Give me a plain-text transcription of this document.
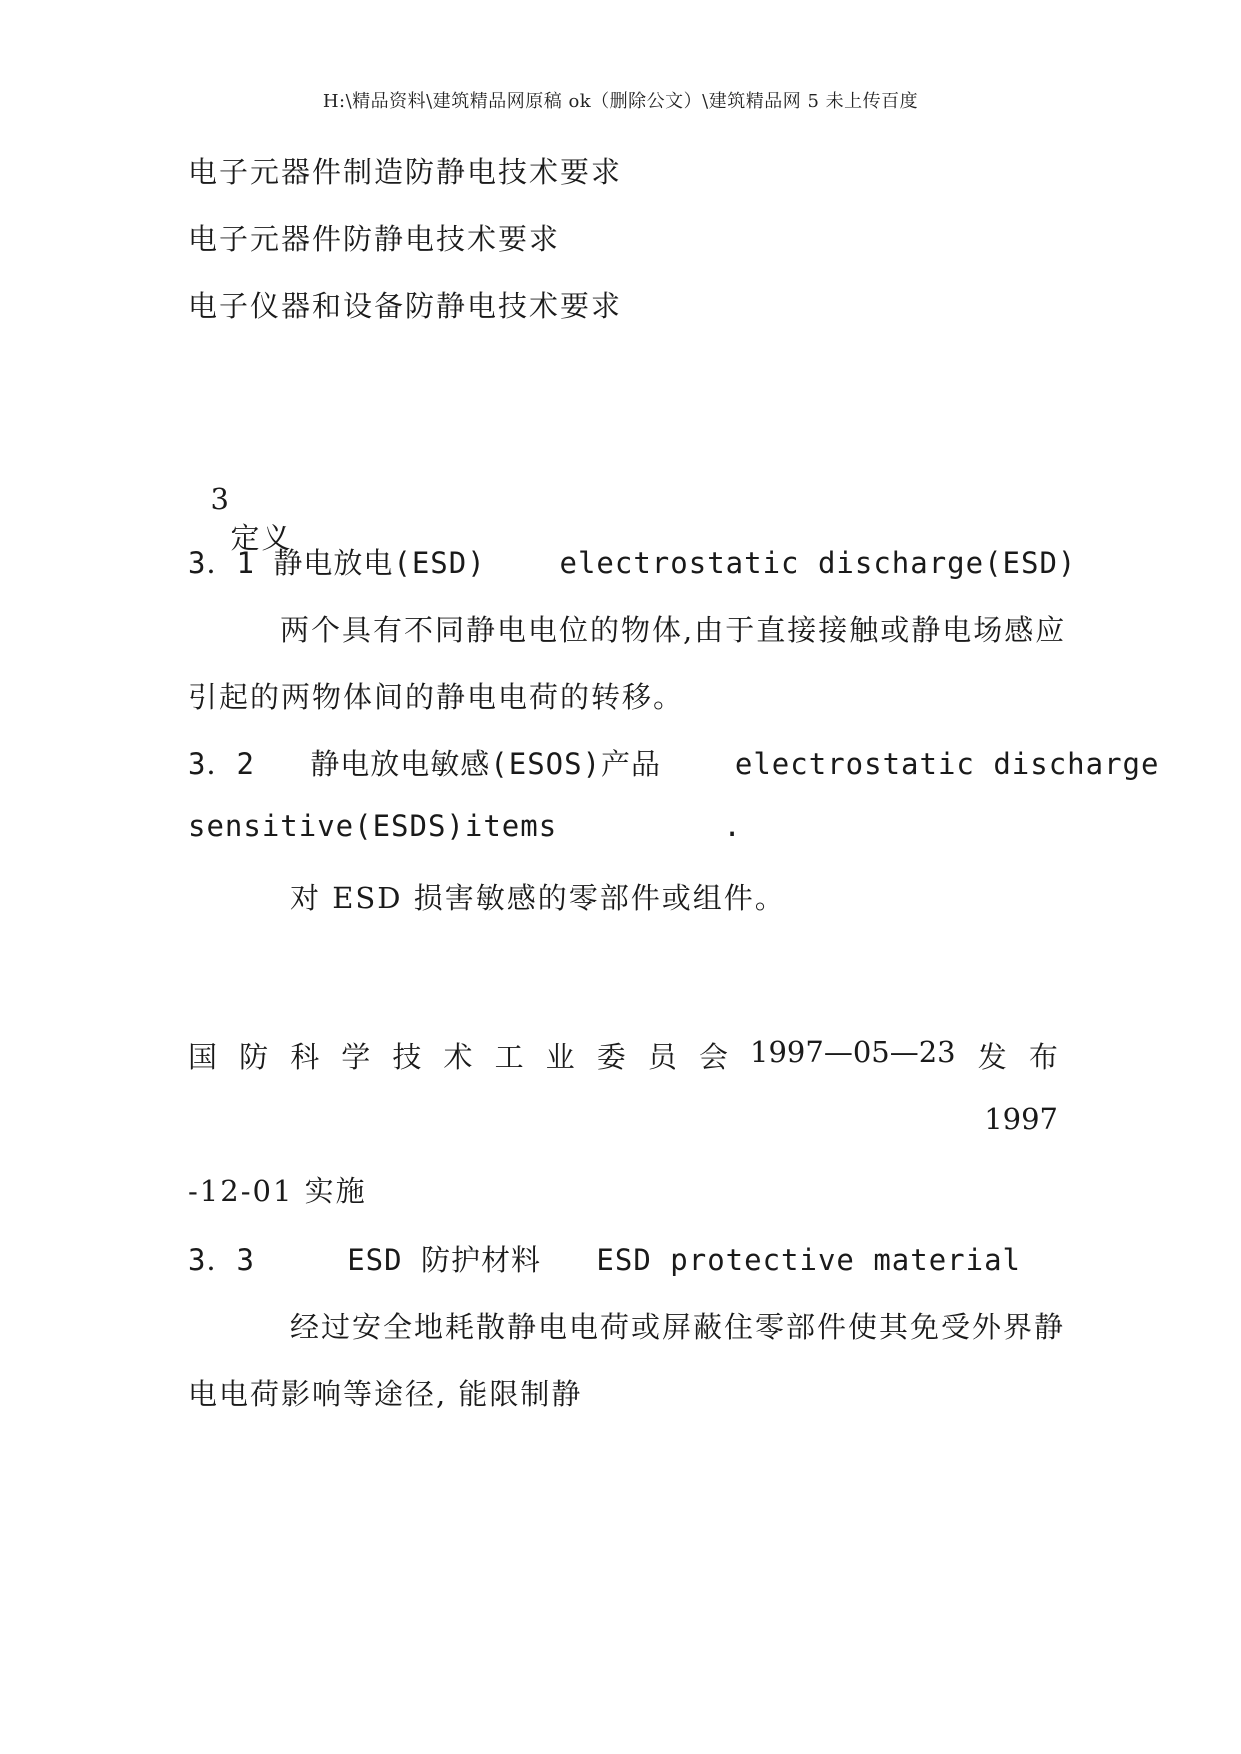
H:\精品资料\建筑精品网原稿 ok（删除公文）\建筑精品网 5 未上传百度
电子元器件制造防静电技术要求
电子元器件防静电技术要求
电子仪器和设备防静电技术要求

3
定义

3．1 静电放电(ESD)    electrostatic discharge(ESD)
两个具有不同静电电位的物体,由于直接接触或静电场感应
引起的两物体间的静电电荷的转移。
3．2   静电放电敏感(ESOS)产品    electrostatic discharge
sensitive(ESDS)items         .
对 ESD 损害敏感的零部件或组件。
国 防 科 学 技 术 工 业 委 员 会 1997—05—23 发 布
1997
-12-01 实施
3．3     ESD 防护材料   ESD protective material
经过安全地耗散静电电荷或屏蔽住零部件使其免受外界静
电电荷影响等途径, 能限制静
